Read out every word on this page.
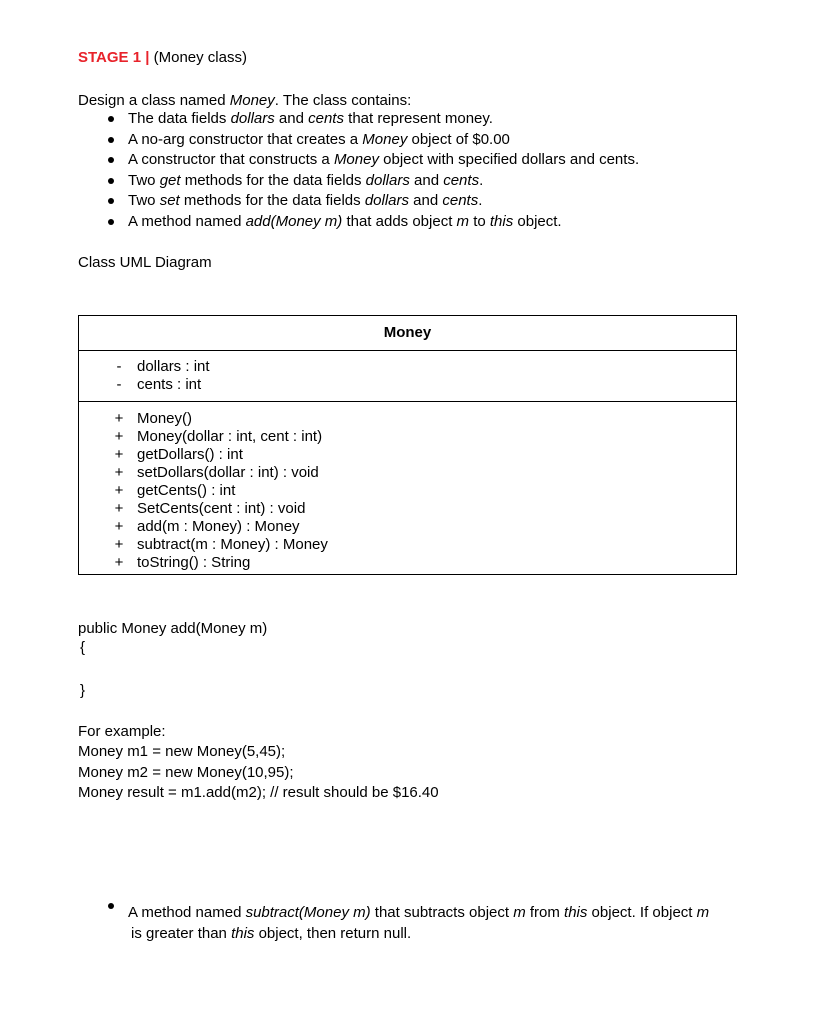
STAGE 1 | (Money class)
Design a class named Money. The class contains:
The data fields dollars and cents that represent money.
A no-arg constructor that creates a Money object of $0.00
A constructor that constructs a Money object with specified dollars and cents.
Two get methods for the data fields dollars and cents.
Two set methods for the data fields dollars and cents.
A method named add(Money m) that adds object m to this object.
Class UML Diagram
Money
- dollars : int
- cents : int
+ Money()
+ Money(dollar : int, cent : int)
+ getDollars() : int
+ setDollars(dollar : int) : void
+ getCents() : int
+ SetCents(cent : int) : void
+ add(m : Money) : Money
+ subtract(m : Money) : Money
+ toString() : String
public Money add(Money m)
{
}
For example:
Money m1 = new Money(5,45);
Money m2 = new Money(10,95);
Money result = m1.add(m2); // result should be $16.40
A method named subtract(Money m) that subtracts object m from this object. If object m
is greater than this object, then return null.
